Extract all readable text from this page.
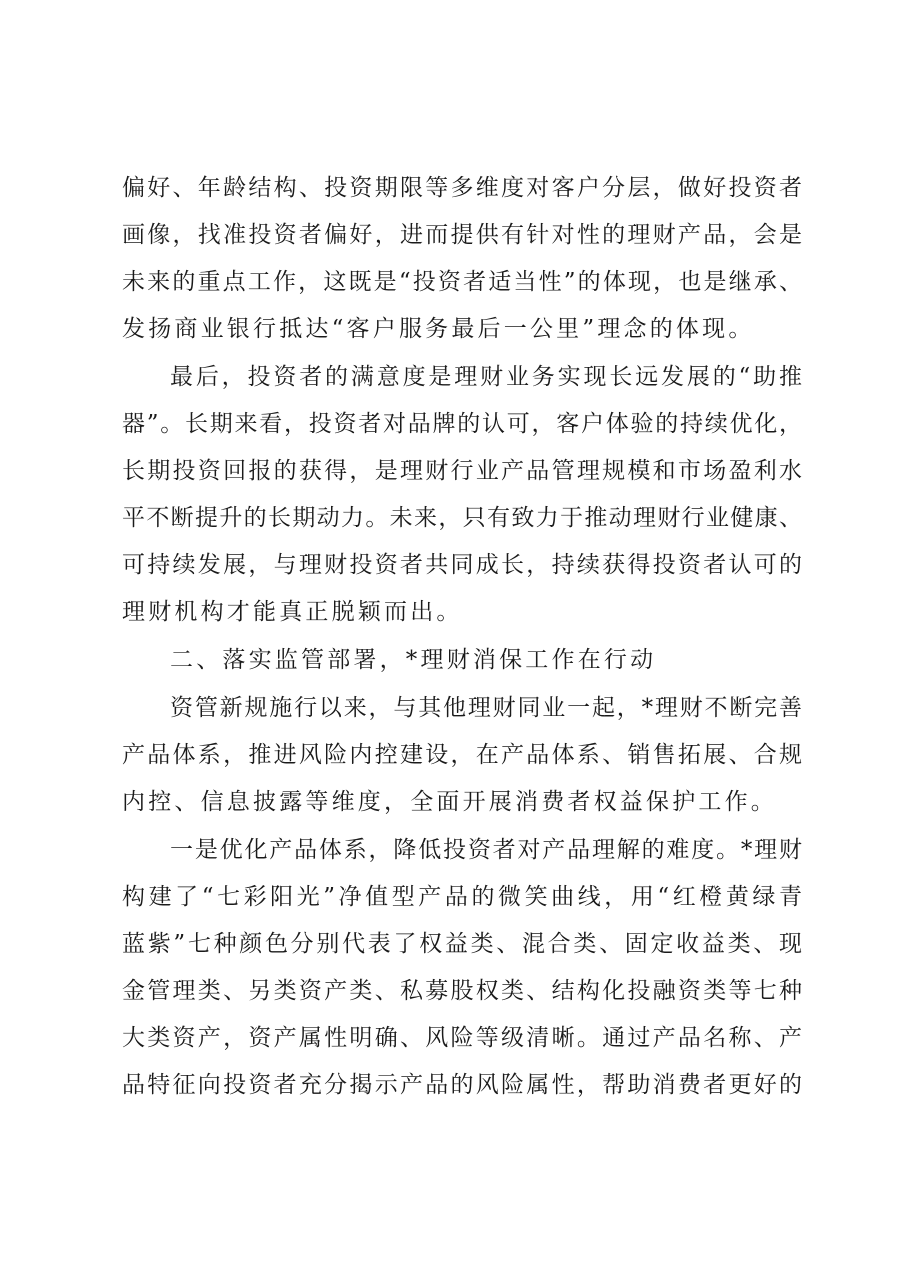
偏好、年龄结构、投资期限等多维度对客户分层，做好投资者
画像，找准投资者偏好，进而提供有针对性的理财产品，会是
未来的重点工作，这既是“投资者适当性”的体现，也是继承、
发扬商业银行抵达“客户服务最后一公里”理念的体现。
最后，投资者的满意度是理财业务实现长远发展的“助推
器”。长期来看，投资者对品牌的认可，客户体验的持续优化，
长期投资回报的获得，是理财行业产品管理规模和市场盈利水
平不断提升的长期动力。未来，只有致力于推动理财行业健康、
可持续发展，与理财投资者共同成长，持续获得投资者认可的
理财机构才能真正脱颖而出。
二、落实监管部署，*理财消保工作在行动
资管新规施行以来，与其他理财同业一起，*理财不断完善
产品体系，推进风险内控建设，在产品体系、销售拓展、合规
内控、信息披露等维度，全面开展消费者权益保护工作。
一是优化产品体系，降低投资者对产品理解的难度。*理财
构建了“七彩阳光”净值型产品的微笑曲线，用“红橙黄绿青
蓝紫”七种颜色分别代表了权益类、混合类、固定收益类、现
金管理类、另类资产类、私募股权类、结构化投融资类等七种
大类资产，资产属性明确、风险等级清晰。通过产品名称、产
品特征向投资者充分揭示产品的风险属性，帮助消费者更好的
